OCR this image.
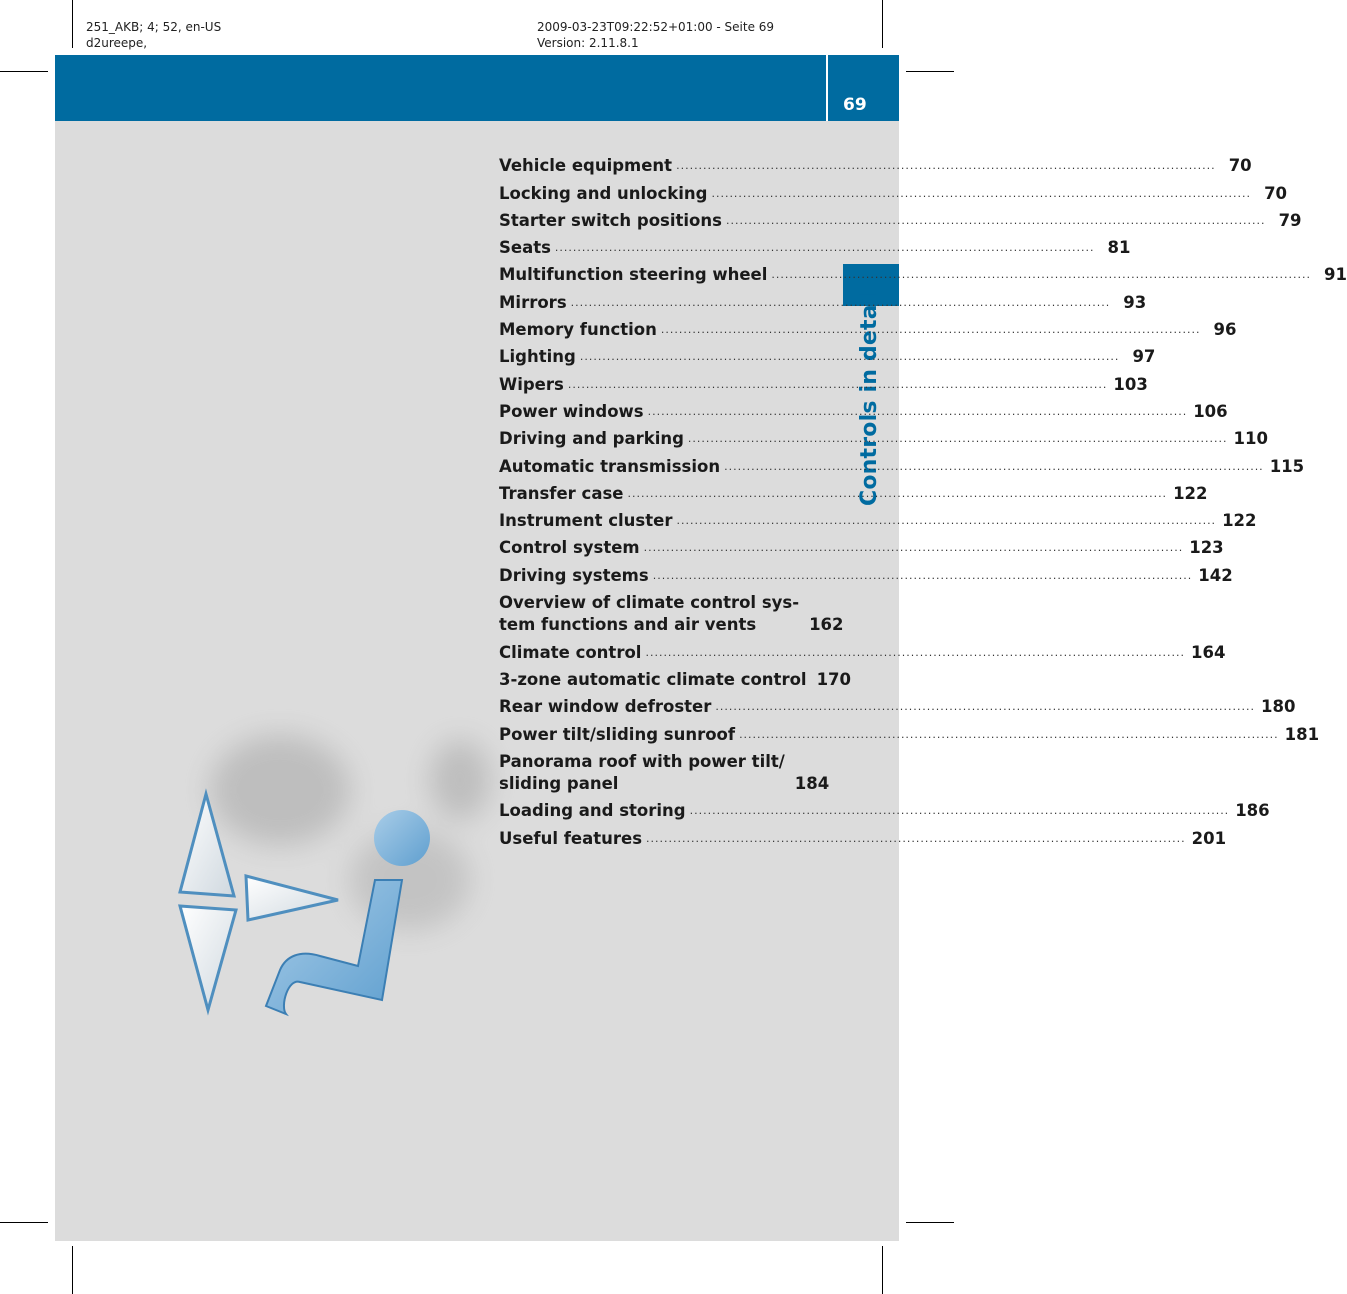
251_AKB; 4; 52, en-US
d2ureepe,
2009-03-23T09:22:52+01:00 - Seite 69
Version: 2.11.8.1
69
Controls in detail
Vehicle equipment ........................................................................................................................ 70
Locking and unlocking ........................................................................................................................ 70
Starter switch positions ........................................................................................................................ 79
Seats ........................................................................................................................ 81
Multifunction steering wheel ........................................................................................................................ 91
Mirrors ........................................................................................................................ 93
Memory function ........................................................................................................................ 96
Lighting ........................................................................................................................ 97
Wipers ........................................................................................................................ 103
Power windows ........................................................................................................................ 106
Driving and parking ........................................................................................................................ 110
Automatic transmission ........................................................................................................................ 115
Transfer case ........................................................................................................................ 122
Instrument cluster ........................................................................................................................ 122
Control system ........................................................................................................................ 123
Driving systems ........................................................................................................................ 142
Overview of climate control sys-
tem functions and air vents	162
Climate control ........................................................................................................................ 164
3-zone automatic climate control 170
Rear window defroster ........................................................................................................................ 180
Power tilt/sliding sunroof ........................................................................................................................ 181
Panorama roof with power tilt/
sliding panel	184
Loading and storing ........................................................................................................................ 186
Useful features ........................................................................................................................ 201
